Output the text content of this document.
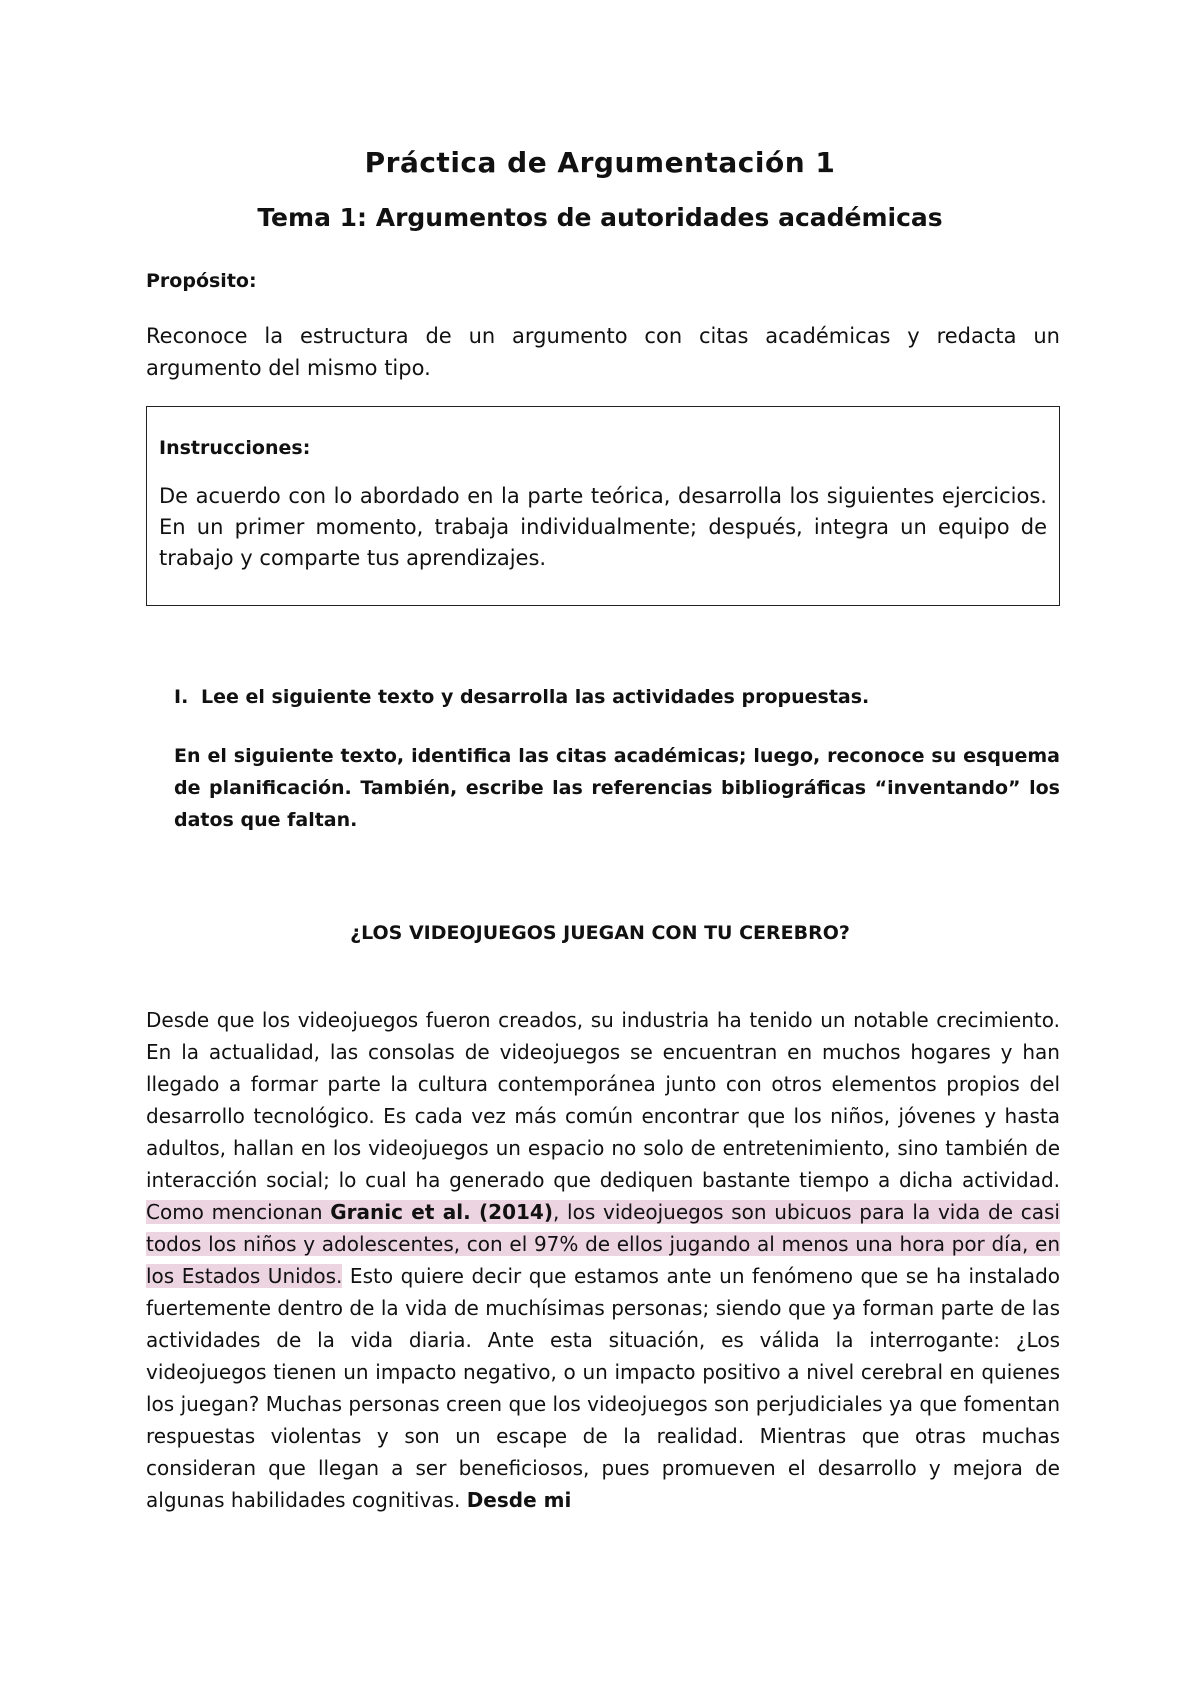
Práctica de Argumentación 1
Tema 1: Argumentos de autoridades académicas

Propósito:

Reconoce la estructura de un argumento con citas académicas y redacta un argumento del mismo tipo.

Instrucciones:

De acuerdo con lo abordado en la parte teórica, desarrolla los siguientes ejercicios. En un primer momento, trabaja individualmente; después, integra un equipo de trabajo y comparte tus aprendizajes.

I. Lee el siguiente texto y desarrolla las actividades propuestas.

En el siguiente texto, identifica las citas académicas; luego, reconoce su esquema de planificación. También, escribe las referencias bibliográficas “inventando” los datos que faltan.

¿LOS VIDEOJUEGOS JUEGAN CON TU CEREBRO?

Desde que los videojuegos fueron creados, su industria ha tenido un notable crecimiento. En la actualidad, las consolas de videojuegos se encuentran en muchos hogares y han llegado a formar parte la cultura contemporánea junto con otros elementos propios del desarrollo tecnológico. Es cada vez más común encontrar que los niños, jóvenes y hasta adultos, hallan en los videojuegos un espacio no solo de entretenimiento, sino también de interacción social; lo cual ha generado que dediquen bastante tiempo a dicha actividad. Como mencionan Granic et al. (2014), los videojuegos son ubicuos para la vida de casi todos los niños y adolescentes, con el 97% de ellos jugando al menos una hora por día, en los Estados Unidos. Esto quiere decir que estamos ante un fenómeno que se ha instalado fuertemente dentro de la vida de muchísimas personas; siendo que ya forman parte de las actividades de la vida diaria. Ante esta situación, es válida la interrogante: ¿Los videojuegos tienen un impacto negativo, o un impacto positivo a nivel cerebral en quienes los juegan? Muchas personas creen que los videojuegos son perjudiciales ya que fomentan respuestas violentas y son un escape de la realidad. Mientras que otras muchas consideran que llegan a ser beneficiosos, pues promueven el desarrollo y mejora de algunas habilidades cognitivas. Desde mi
